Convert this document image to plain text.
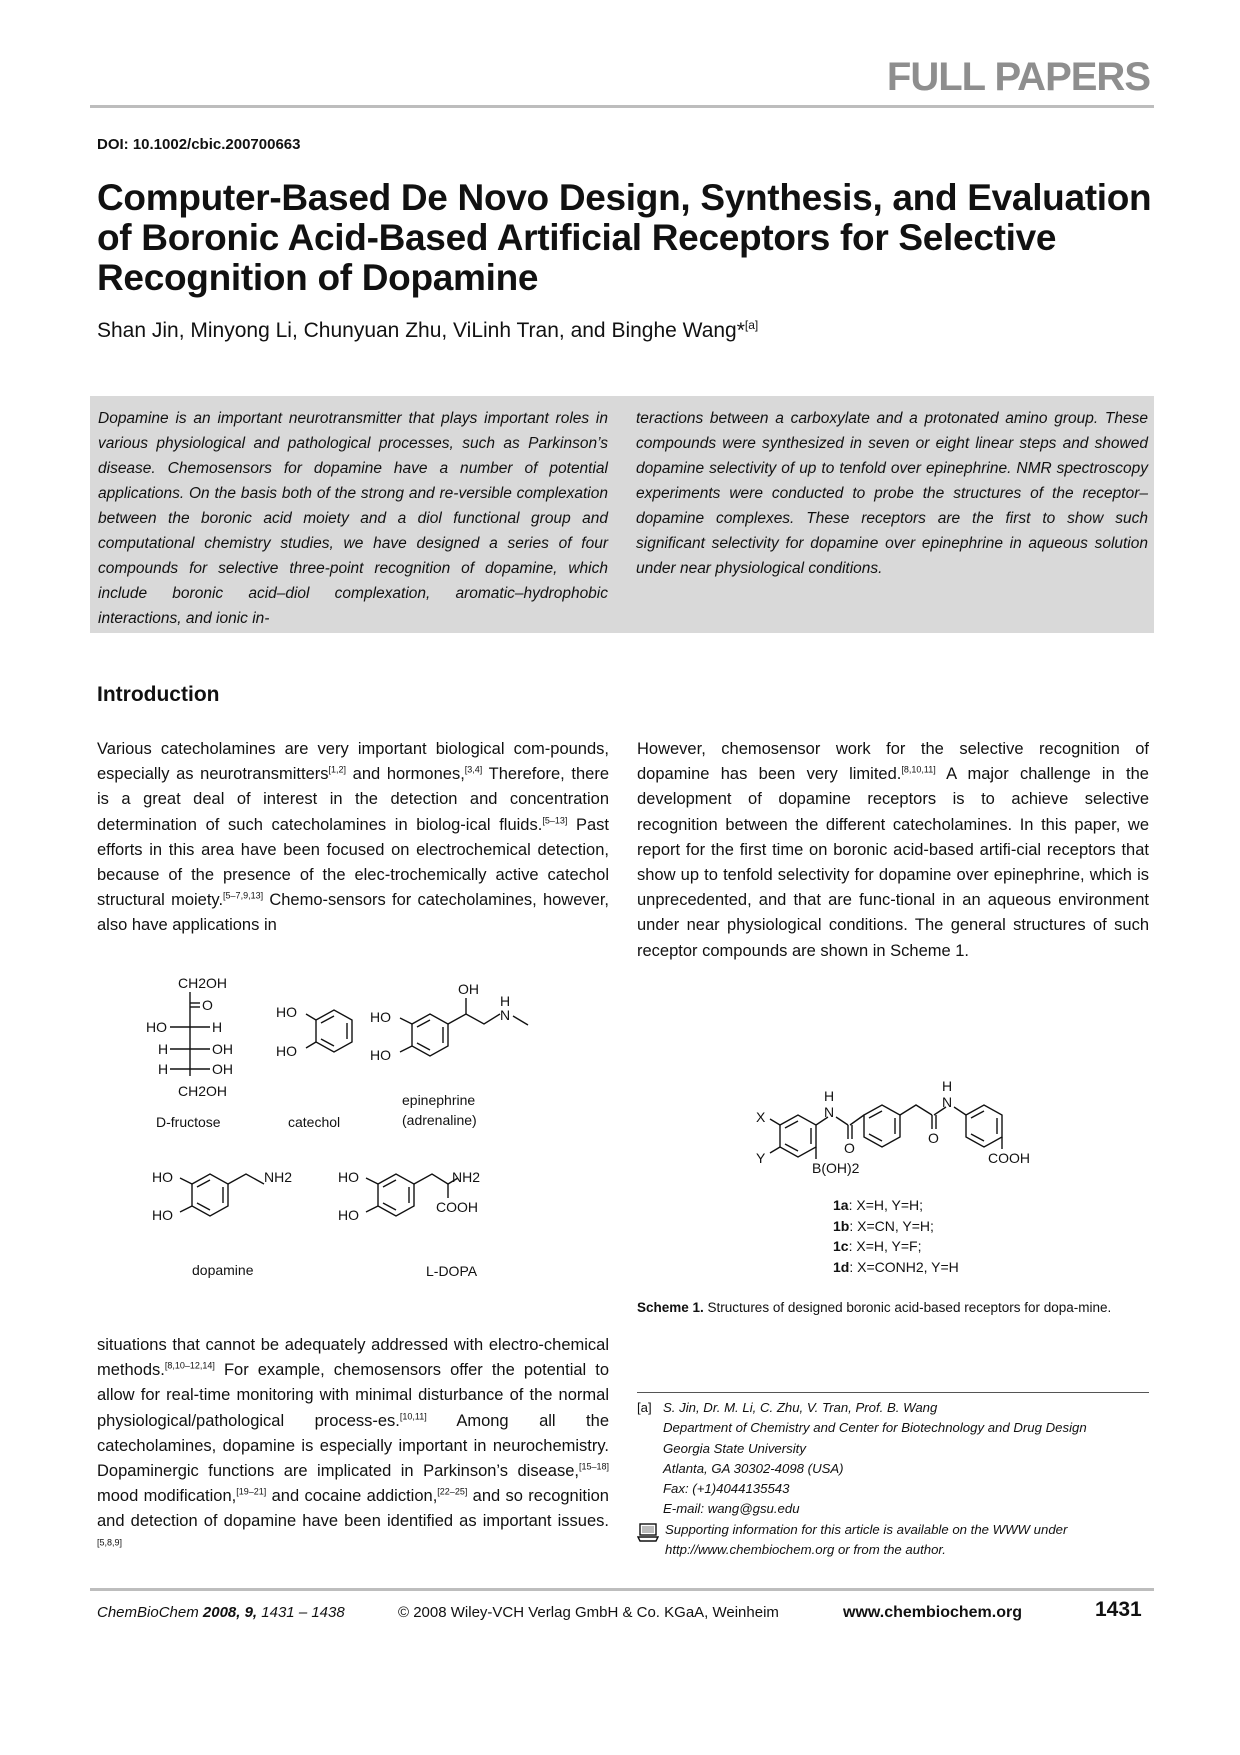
FULL PAPERS
DOI: 10.1002/cbic.200700663
Computer-Based De Novo Design, Synthesis, and Evaluation of Boronic Acid-Based Artificial Receptors for Selective Recognition of Dopamine
Shan Jin, Minyong Li, Chunyuan Zhu, ViLinh Tran, and Binghe Wang*[a]
Dopamine is an important neurotransmitter that plays important roles in various physiological and pathological processes, such as Parkinson’s disease. Chemosensors for dopamine have a number of potential applications. On the basis both of the strong and re-versible complexation between the boronic acid moiety and a diol functional group and computational chemistry studies, we have designed a series of four compounds for selective three-point recognition of dopamine, which include boronic acid–diol complexation, aromatic–hydrophobic interactions, and ionic in-
teractions between a carboxylate and a protonated amino group. These compounds were synthesized in seven or eight linear steps and showed dopamine selectivity of up to tenfold over epinephrine. NMR spectroscopy experiments were conducted to probe the structures of the receptor–dopamine complexes. These receptors are the first to show such significant selectivity for dopamine over epinephrine in aqueous solution under near physiological conditions.
Introduction
Various catecholamines are very important biological com-pounds, especially as neurotransmitters[1,2] and hormones,[3,4] Therefore, there is a great deal of interest in the detection and concentration determination of such catecholamines in biolog-ical fluids.[5–13] Past efforts in this area have been focused on electrochemical detection, because of the presence of the elec-trochemically active catechol structural moiety.[5–7,9,13] Chemo-sensors for catecholamines, however, also have applications in
However, chemosensor work for the selective recognition of dopamine has been very limited.[8,10,11] A major challenge in the development of dopamine receptors is to achieve selective recognition between the different catecholamines. In this paper, we report for the first time on boronic acid-based artifi-cial receptors that show up to tenfold selectivity for dopamine over epinephrine, which is unprecedented, and that are func-tional in an aqueous environment under near physiological conditions. The general structures of such receptor compounds are shown in Scheme 1.
situations that cannot be adequately addressed with electro-chemical methods.[8,10–12,14] For example, chemosensors offer the potential to allow for real-time monitoring with minimal disturbance of the normal physiological/pathological process-es.[10,11] Among all the catecholamines, dopamine is especially important in neurochemistry. Dopaminergic functions are implicated in Parkinson’s disease,[15–18] mood modification,[19–21] and cocaine addiction,[22–25] and so recognition and detection of dopamine have been identified as important issues.[5,8,9]
CH2OH
O
HO	H
H	OH
H	OH
CH2OH
D-fructose
HO
HO
catechol
HO
HO
OH
H
N
epinephrine
(adrenaline)
HO
HO
NH2
dopamine
HO
HO
NH2
COOH
L-DOPA
X
Y
B(OH)2
H
N
O
O
H
N
COOH
1a: X=H, Y=H;
1b: X=CN, Y=H;
1c: X=H, Y=F;
1d: X=CONH2, Y=H
Scheme 1. Structures of designed boronic acid-based receptors for dopa-mine.
[a] S. Jin, Dr. M. Li, C. Zhu, V. Tran, Prof. B. Wang
Department of Chemistry and Center for Biotechnology and Drug Design
Georgia State University
Atlanta, GA 30302-4098 (USA)
Fax: (+1)4044135543
E-mail: wang@gsu.edu
Supporting information for this article is available on the WWW under http://www.chembiochem.org or from the author.
ChemBioChem 2008, 9, 1431 – 1438	© 2008 Wiley-VCH Verlag GmbH & Co. KGaA, Weinheim	www.chembiochem.org	1431
